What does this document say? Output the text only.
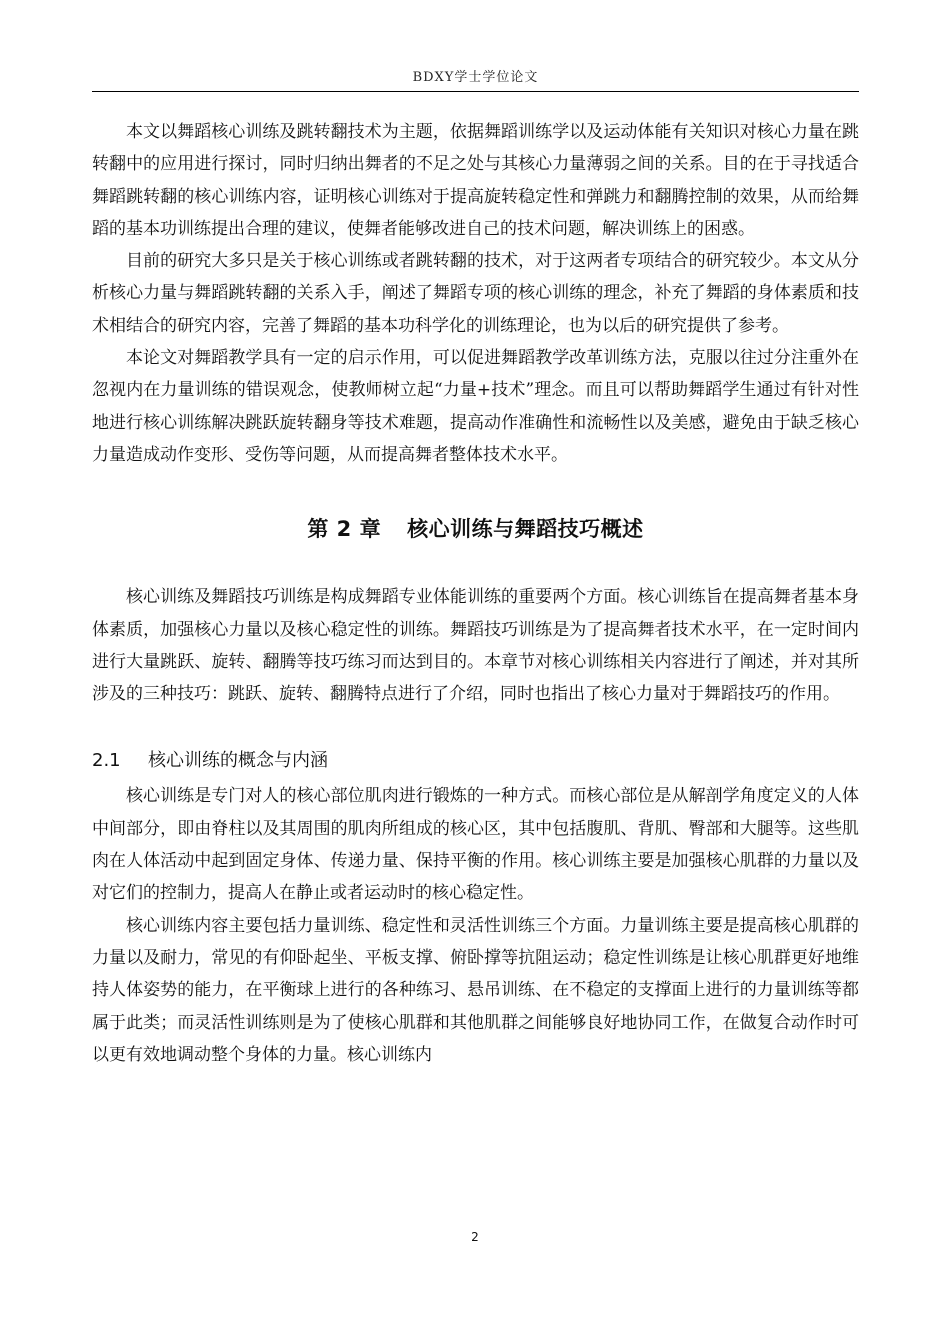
BDXY学士学位论文

本文以舞蹈核心训练及跳转翻技术为主题，依据舞蹈训练学以及运动体能有关知识对核心力量在跳转翻中的应用进行探讨，同时归纳出舞者的不足之处与其核心力量薄弱之间的关系。目的在于寻找适合舞蹈跳转翻的核心训练内容，证明核心训练对于提高旋转稳定性和弹跳力和翻腾控制的效果，从而给舞蹈的基本功训练提出合理的建议，使舞者能够改进自己的技术问题，解决训练上的困惑。

目前的研究大多只是关于核心训练或者跳转翻的技术，对于这两者专项结合的研究较少。本文从分析核心力量与舞蹈跳转翻的关系入手，阐述了舞蹈专项的核心训练的理念，补充了舞蹈的身体素质和技术相结合的研究内容，完善了舞蹈的基本功科学化的训练理论，也为以后的研究提供了参考。

本论文对舞蹈教学具有一定的启示作用，可以促进舞蹈教学改革训练方法，克服以往过分注重外在忽视内在力量训练的错误观念，使教师树立起“力量+技术”理念。而且可以帮助舞蹈学生通过有针对性地进行核心训练解决跳跃旋转翻身等技术难题，提高动作准确性和流畅性以及美感，避免由于缺乏核心力量造成动作变形、受伤等问题，从而提高舞者整体技术水平。

第 2 章 核心训练与舞蹈技巧概述

核心训练及舞蹈技巧训练是构成舞蹈专业体能训练的重要两个方面。核心训练旨在提高舞者基本身体素质，加强核心力量以及核心稳定性的训练。舞蹈技巧训练是为了提高舞者技术水平，在一定时间内进行大量跳跃、旋转、翻腾等技巧练习而达到目的。本章节对核心训练相关内容进行了阐述，并对其所涉及的三种技巧：跳跃、旋转、翻腾特点进行了介绍，同时也指出了核心力量对于舞蹈技巧的作用。

2.1 核心训练的概念与内涵

核心训练是专门对人的核心部位肌肉进行锻炼的一种方式。而核心部位是从解剖学角度定义的人体中间部分，即由脊柱以及其周围的肌肉所组成的核心区，其中包括腹肌、背肌、臀部和大腿等。这些肌肉在人体活动中起到固定身体、传递力量、保持平衡的作用。核心训练主要是加强核心肌群的力量以及对它们的控制力，提高人在静止或者运动时的核心稳定性。

核心训练内容主要包括力量训练、稳定性和灵活性训练三个方面。力量训练主要是提高核心肌群的力量以及耐力，常见的有仰卧起坐、平板支撑、俯卧撑等抗阻运动；稳定性训练是让核心肌群更好地维持人体姿势的能力，在平衡球上进行的各种练习、悬吊训练、在不稳定的支撑面上进行的力量训练等都属于此类；而灵活性训练则是为了使核心肌群和其他肌群之间能够良好地协同工作，在做复合动作时可以更有效地调动整个身体的力量。核心训练内

2
